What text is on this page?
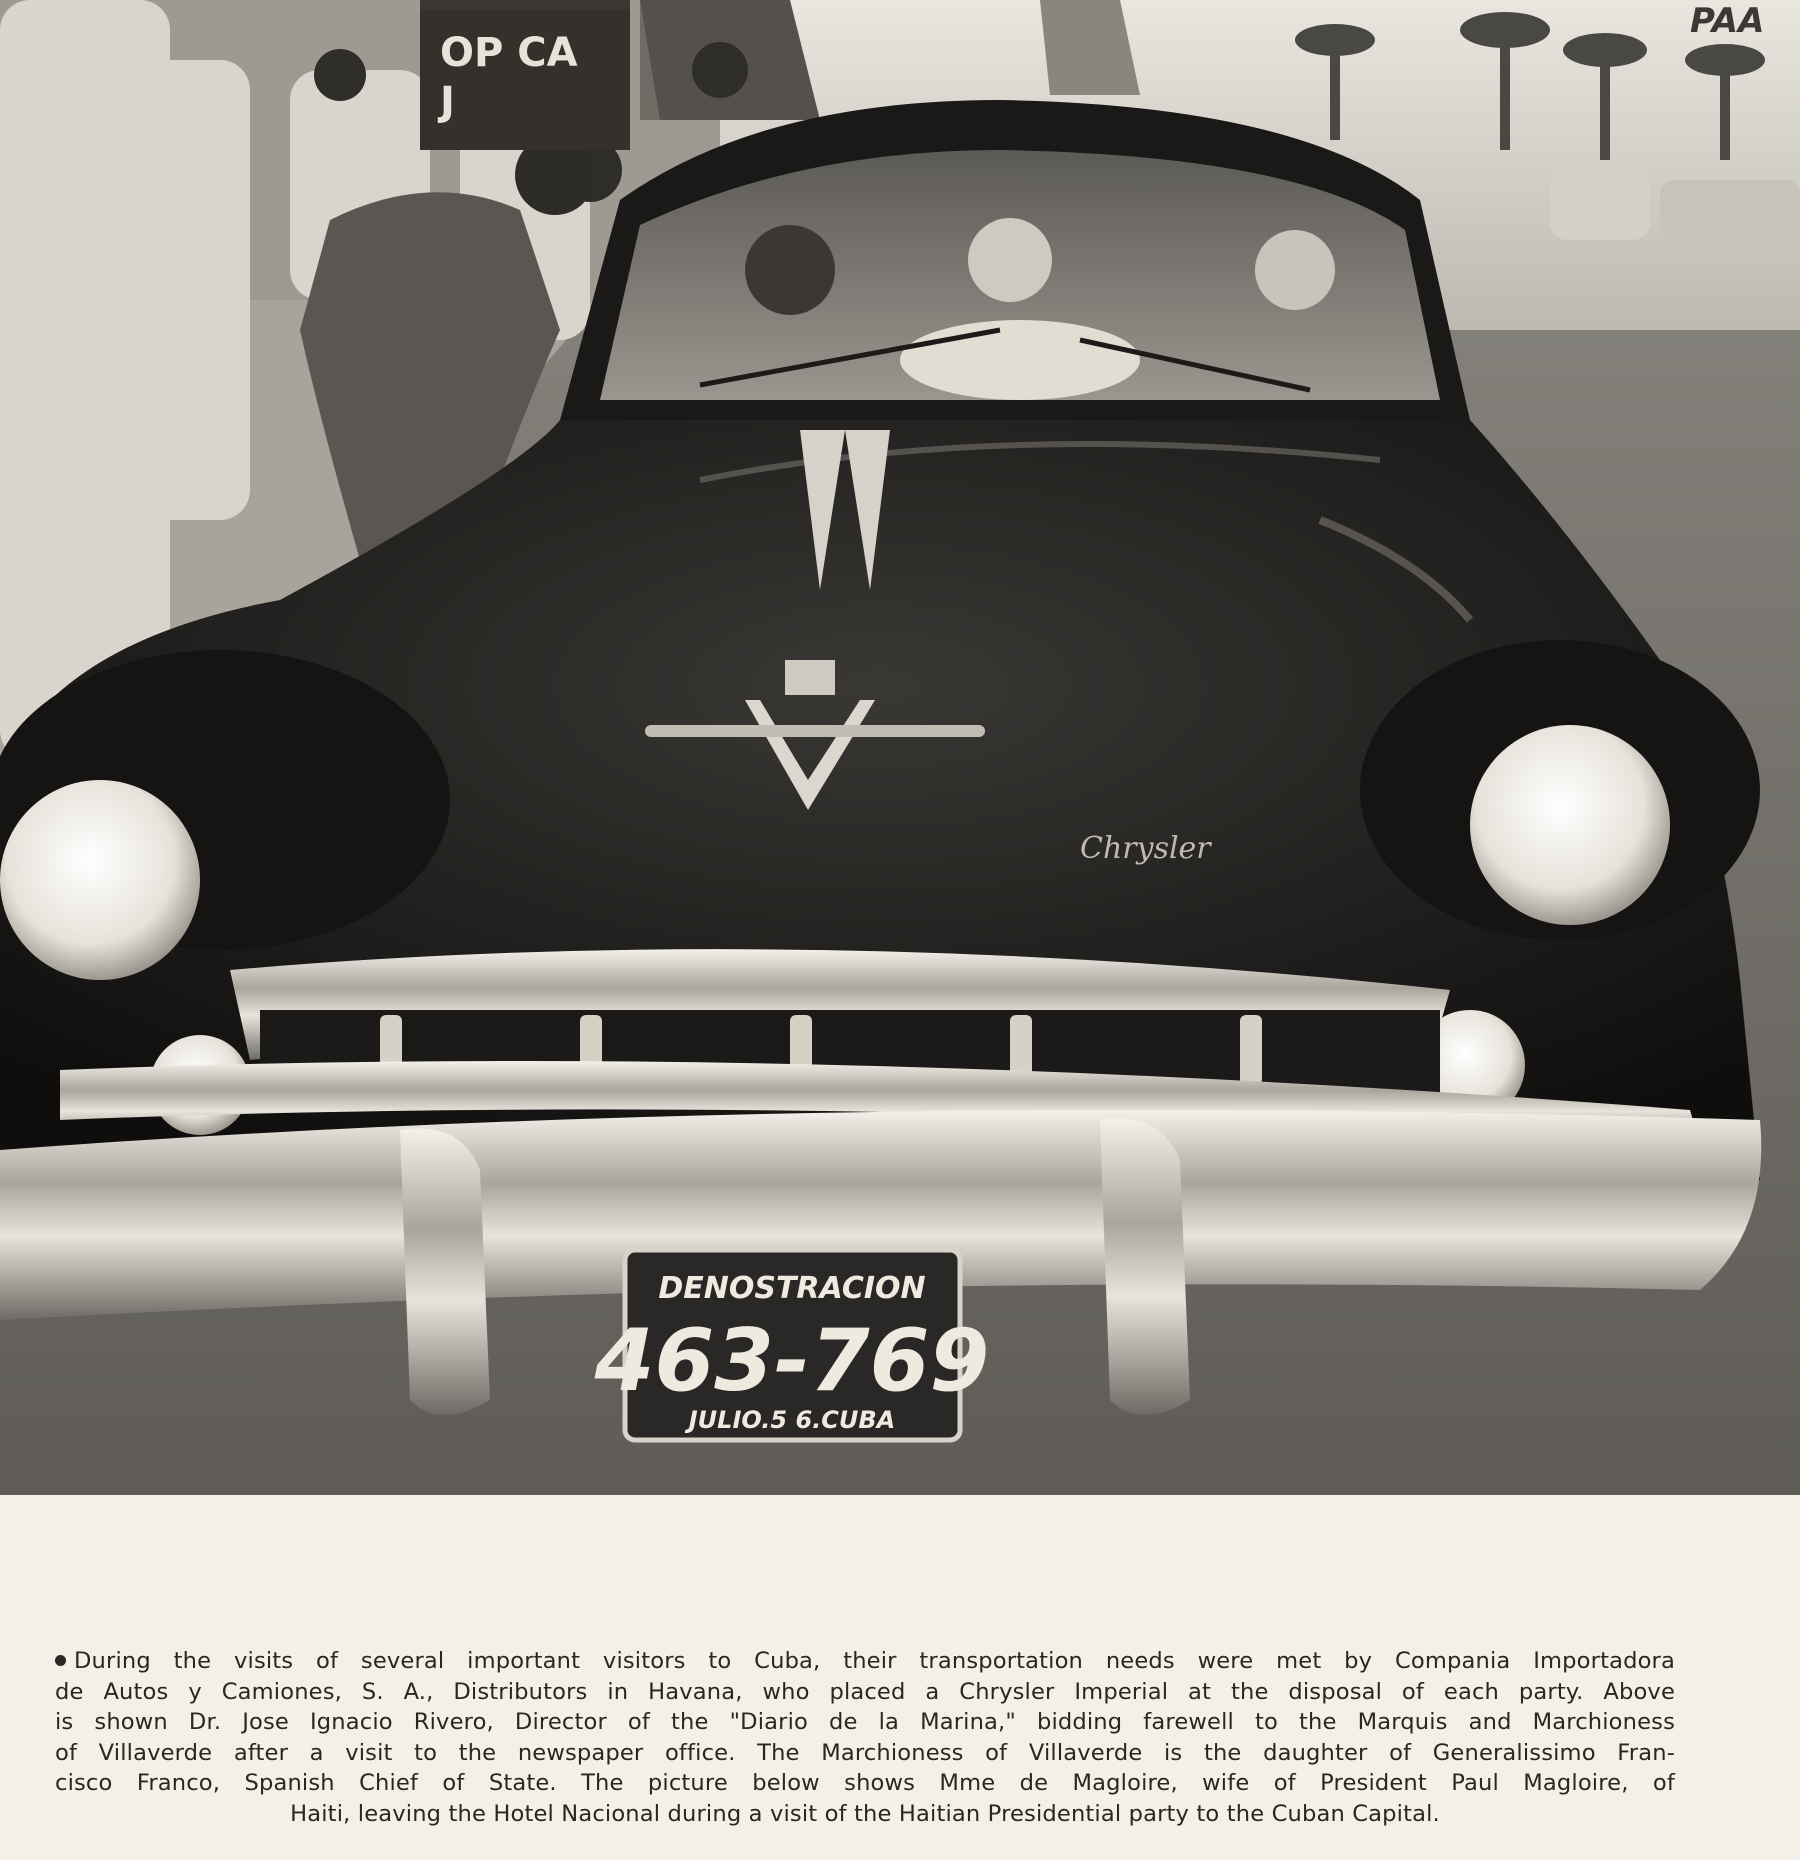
OP CA
J
PAA
Chrysler
DENOSTRACION
463-769
JULIO.5 6.CUBA
During the visits of several important visitors to Cuba, their transportation needs were met by Compania Importadora
de Autos y Camiones, S. A., Distributors in Havana, who placed a Chrysler Imperial at the disposal of each party. Above
is shown Dr. Jose Ignacio Rivero, Director of the "Diario de la Marina," bidding farewell to the Marquis and Marchioness
of Villaverde after a visit to the newspaper office. The Marchioness of Villaverde is the daughter of Generalissimo Fran-
cisco Franco, Spanish Chief of State. The picture below shows Mme de Magloire, wife of President Paul Magloire, of
Haiti, leaving the Hotel Nacional during a visit of the Haitian Presidential party to the Cuban Capital.
